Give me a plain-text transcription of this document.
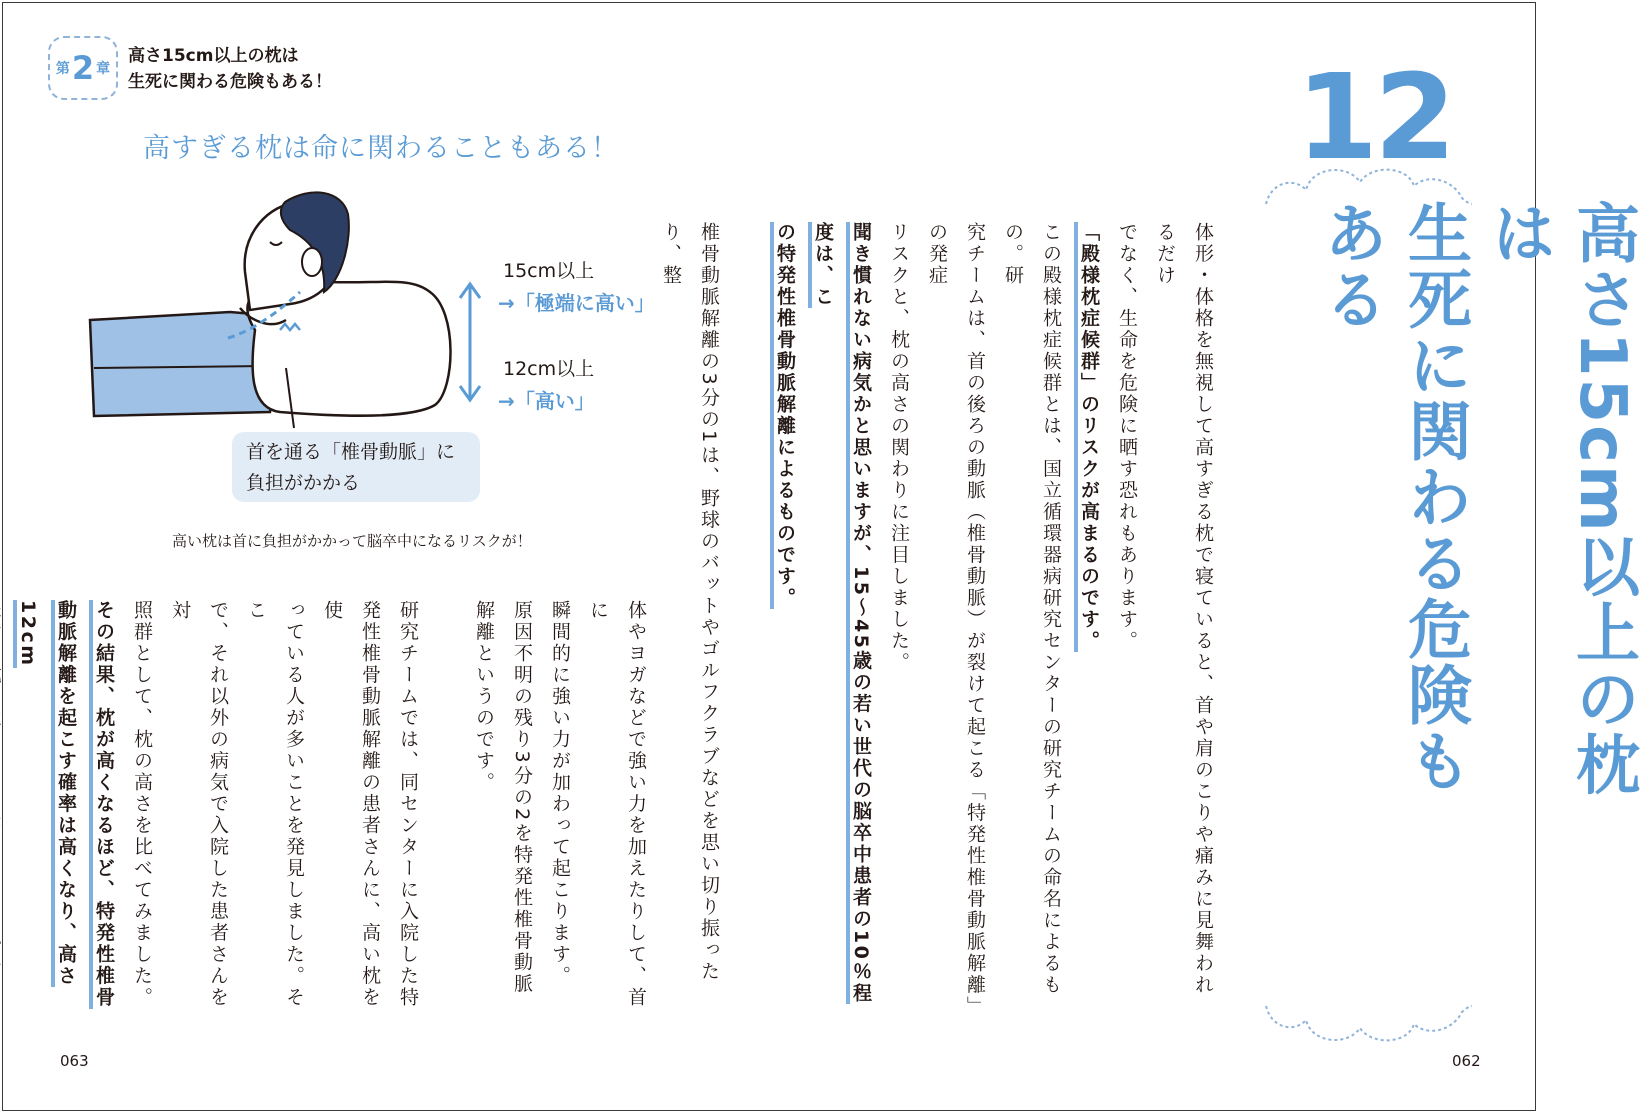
第 2 章
高さ15cm以上の枕は
生死に関わる危険もある！
高すぎる枕は命に関わることもある！
15cm以上
→「極端に高い」
12cm以上
→「高い」
首を通る「椎骨動脈」に
負担がかかる
高い枕は首に負担がかかって脳卒中になるリスクが！

体やヨガなどで強い力を加えたりして、首に

瞬間的に強い力が加わって起こります。

原因不明の残り3分の2を特発性椎骨動脈

解離というのです。

研究チームでは、同センターに入院した特

発性椎骨動脈解離の患者さんに、高い枕を使

っている人が多いことを発見しました。そこ

で、それ以外の病気で入院した患者さんを対

照群として、枕の高さを比べてみました。

その結果、枕が高くなるほど、特発性椎骨

動脈解離を起こす確率は高くなり、高さ12cm

063
12

高さ15cm以上の枕は

生死に関わる危険もある

体形・体格を無視して高すぎる枕で寝ていると、首や肩のこりや痛みに見舞われるだけ

でなく、生命を危険に晒す恐れもあります。

「殿様枕症候群」のリスクが高まるのです。

この殿様枕症候群とは、国立循環器病研究センターの研究チームの命名によるもの。研

究チームは、首の後ろの動脈（椎骨動脈）が裂けて起こる「特発性椎骨動脈解離」の発症

リスクと、枕の高さの関わりに注目しました。

聞き慣れない病気かと思いますが、15〜45歳の若い世代の脳卒中患者の10％程度は、こ

の特発性椎骨動脈解離によるものです。

椎骨動脈解離の3分の1は、野球のバットやゴルフクラブなどを思い切り振ったり、整

062
